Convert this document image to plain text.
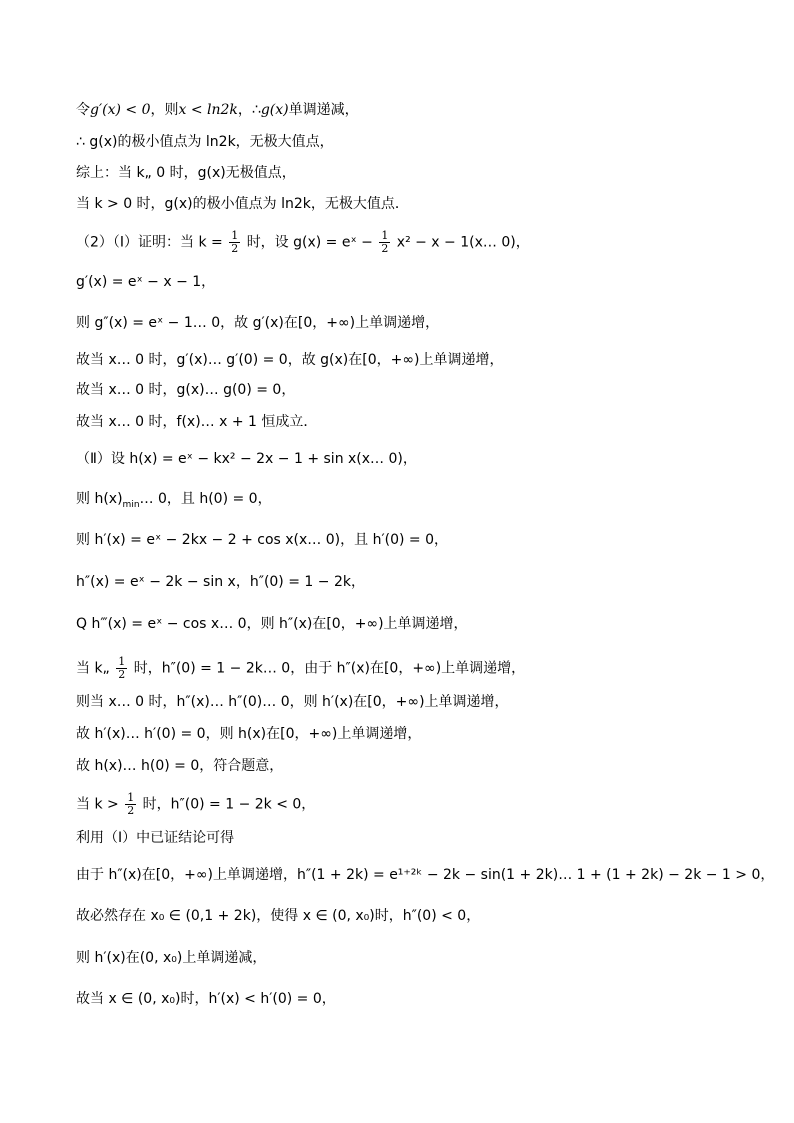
令g′(x) < 0，则x < ln2k，∴g(x)单调递减，
∴ g(x)的极小值点为 ln2k，无极大值点，
综上：当 k„ 0 时，g(x)无极值点，
当 k > 0 时，g(x)的极小值点为 ln2k，无极大值点．
（2）（Ⅰ）证明：当 $k = \frac{1}{2}$ 时，设 g(x) = eˣ − $\frac{1}{2} x^2 - x$ − 1(x… 0)，
g′(x) = eˣ − x − 1，
则 g″(x) = eˣ − 1… 0，故 g′(x)在[0，+∞)上单调递增，
故当 x… 0 时，g′(x)… g′(0) = 0，故 g(x)在[0，+∞)上单调递增，
故当 x… 0 时，g(x)… g(0) = 0，
故当 x… 0 时，f(x)… x + 1 恒成立．
（Ⅱ）设 h(x) = eˣ − kx² − 2x − 1 + sin x(x… 0)，
则 $h(x)_{min}\dots$ 0，且 h(0) = 0，
则 h′(x) = eˣ − 2kx − 2 + cos x(x… 0)，且 h′(0) = 0，
h″(x) = eˣ − 2k − sin x，h″(0) = 1 − 2k，
Q h‴(x) = eˣ − cos x… 0，则 h″(x)在[0，+∞)上单调递增，
当 k„ $\frac{1}{2}$ 时，h″(0) = 1 − 2k… 0，由于 h″(x)在[0，+∞)上单调递增，
则当 x… 0 时，h″(x)… h″(0)… 0，则 h′(x)在[0，+∞)上单调递增，
故 h′(x)… h′(0) = 0，则 h(x)在[0，+∞)上单调递增，
故 h(x)… h(0) = 0，符合题意，
当 $k > \frac{1}{2}$ 时，h″(0) = 1 − 2k < 0，
利用（Ⅰ）中已证结论可得
由于 h″(x)在[0，+∞)上单调递增，h″(1 + 2k) = e¹⁺²ᵏ − 2k − sin(1 + 2k)… 1 + (1 + 2k) − 2k − 1 > 0，
故必然存在 x₀ ∈ (0,1 + 2k)，使得 x ∈ (0, x₀)时，h″(0) < 0，
则 h′(x)在(0, x₀)上单调递减，
故当 x ∈ (0, x₀)时，h′(x) < h′(0) = 0，
